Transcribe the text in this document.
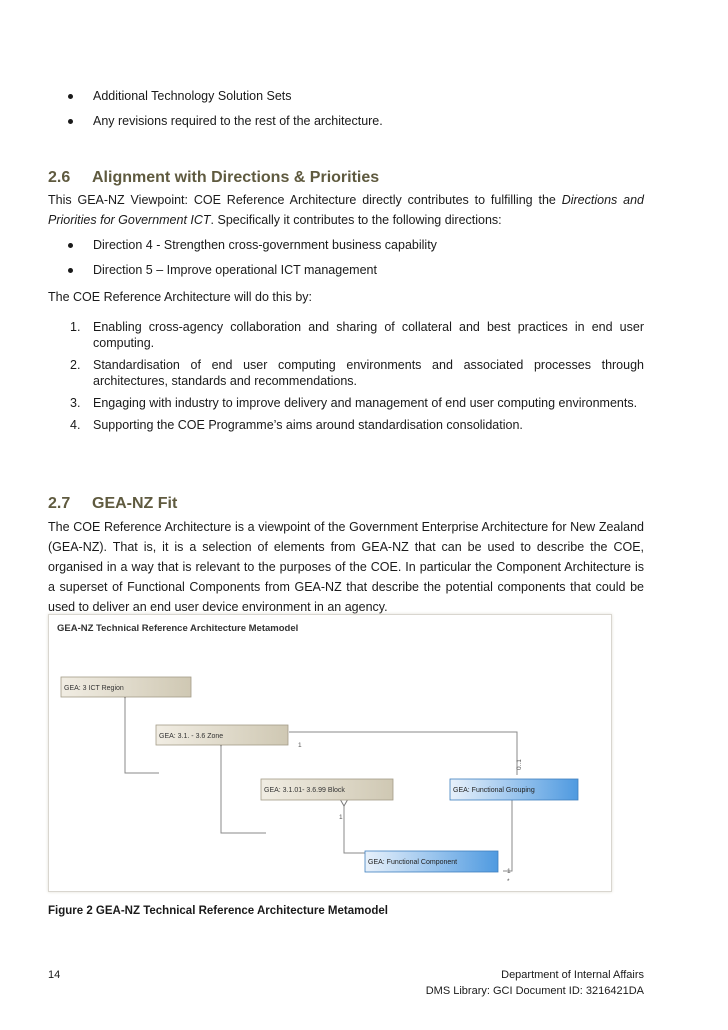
Additional Technology Solution Sets
Any revisions required to the rest of the architecture.
2.6 Alignment with Directions & Priorities

This GEA-NZ Viewpoint: COE Reference Architecture directly contributes to fulfilling the Directions and Priorities for Government ICT. Specifically it contributes to the following directions:

Direction 4 - Strengthen cross-government business capability
Direction 5 – Improve operational ICT management

The COE Reference Architecture will do this by:

1. Enabling cross-agency collaboration and sharing of collateral and best practices in end user computing.
2. Standardisation of end user computing environments and associated processes through architectures, standards and recommendations.
3. Engaging with industry to improve delivery and management of end user computing environments.
4. Supporting the COE Programme’s aims around standardisation consolidation.
2.7 GEA-NZ Fit

The COE Reference Architecture is a viewpoint of the Government Enterprise Architecture for New Zealand (GEA-NZ). That is, it is a selection of elements from GEA-NZ that can be used to describe the COE, organised in a way that is relevant to the purposes of the COE. In particular the Component Architecture is a superset of Functional Components from GEA-NZ that describe the potential components that could be used to deliver an end user device environment in an agency.

GEA-NZ Technical Reference Architecture Metamodel
GEA: 3 ICT Region
GEA: 3.1. - 3.6 Zone
GEA: 3.1.01- 3.6.99 Block	GEA: Functional Grouping
GEA: Functional Component
1
0..1
1
1
*
Figure 2 GEA-NZ Technical Reference Architecture Metamodel
14	Department of Internal Affairs
DMS Library: GCI Document ID: 3216421DA
